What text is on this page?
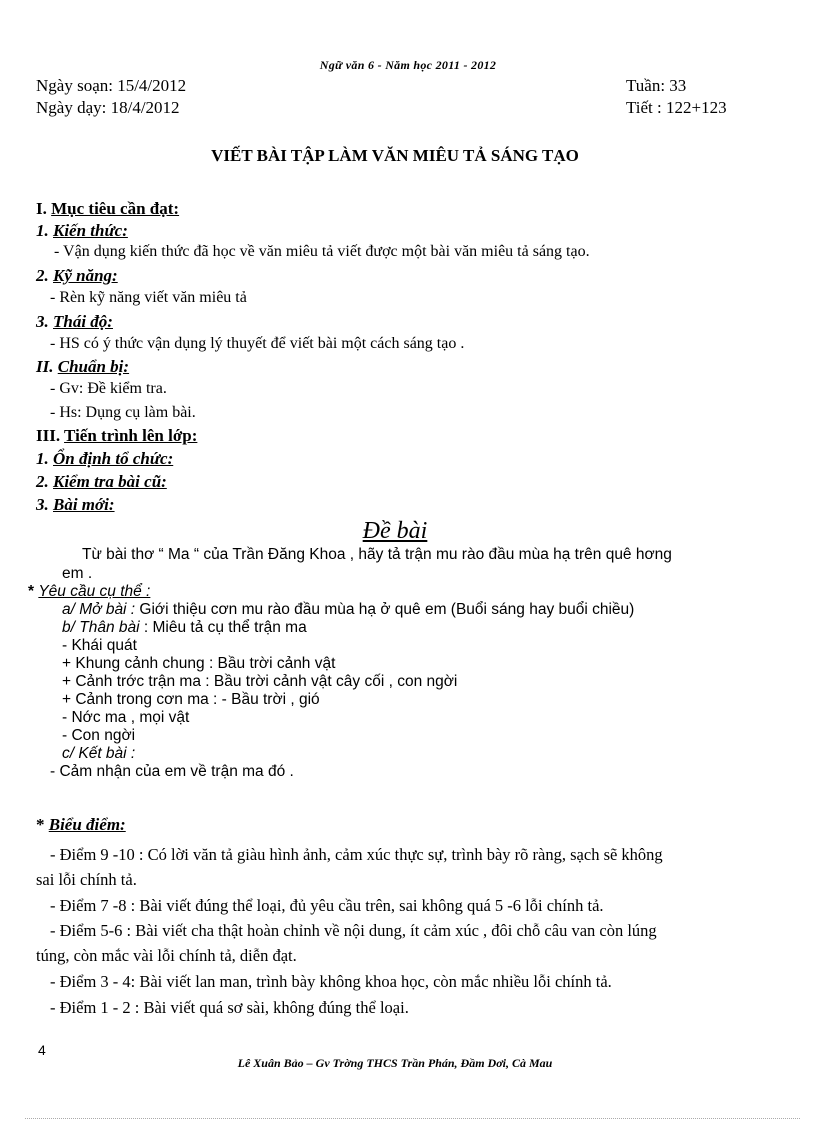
Ngữ văn 6 - Năm học 2011 - 2012
Ngày soạn: 15/4/2012
Ngày dạy: 18/4/2012
Tuần: 33
Tiết : 122+123
VIẾT BÀI TẬP LÀM VĂN MIÊU TẢ SÁNG TẠO
I. Mục tiêu cần đạt:
1. Kiến thức:
- Vận dụng kiến thức đã học về văn miêu tả viết được một bài văn miêu tả sáng tạo.
2. Kỹ năng:
- Rèn kỹ năng viết văn miêu tả
3. Thái độ:
- HS có ý thức vận dụng lý thuyết để viết bài một cách sáng tạo .
II. Chuẩn bị:
- Gv: Đề kiểm tra.
- Hs: Dụng cụ làm bài.
III. Tiến trình lên lớp:
1. Ổn định tổ chức:
2. Kiểm tra bài cũ:
3. Bài mới:
Đề bài
Từ bài thơ “ Ma “ của Trần Đăng Khoa , hãy tả trận mu rào đầu mùa hạ trên quê hơng
em .
* Yêu cầu cụ thể :
a/ Mở bài : Giới thiệu cơn mu rào đầu mùa hạ ở quê em (Buổi sáng hay buổi chiều)
b/ Thân bài : Miêu tả cụ thể trận ma
- Khái quát
+ Khung cảnh chung : Bầu trời cảnh vật
+ Cảnh trớc trận ma : Bầu trời cảnh vật cây cối , con ngời
+ Cảnh trong cơn ma : - Bầu trời , gió
- Nớc ma , mọi vật
- Con ngời
c/ Kết bài :
- Cảm nhận của em về trận ma đó .
* Biểu điểm:
- Điểm 9 -10 : Có lời văn tả giàu hình ảnh, cảm xúc thực sự, trình bày rõ ràng, sạch sẽ không
sai lỗi chính tả.
- Điểm 7 -8 : Bài viết đúng thể loại, đủ yêu cầu trên, sai không quá 5 -6 lỗi chính tả.
- Điểm 5-6 : Bài viết cha thật hoàn chỉnh về nội dung, ít cảm xúc , đôi chỗ câu van còn lúng
túng, còn mắc vài lỗi chính tả, diễn đạt.
- Điểm 3 - 4: Bài viết lan man, trình bày không khoa học, còn mắc nhiều lỗi chính tả.
- Điểm 1 - 2 : Bài viết quá sơ sài, không đúng thể loại.
4
Lê Xuân Bảo – Gv Trờng THCS Trần Phán, Đầm Dơi, Cà Mau
